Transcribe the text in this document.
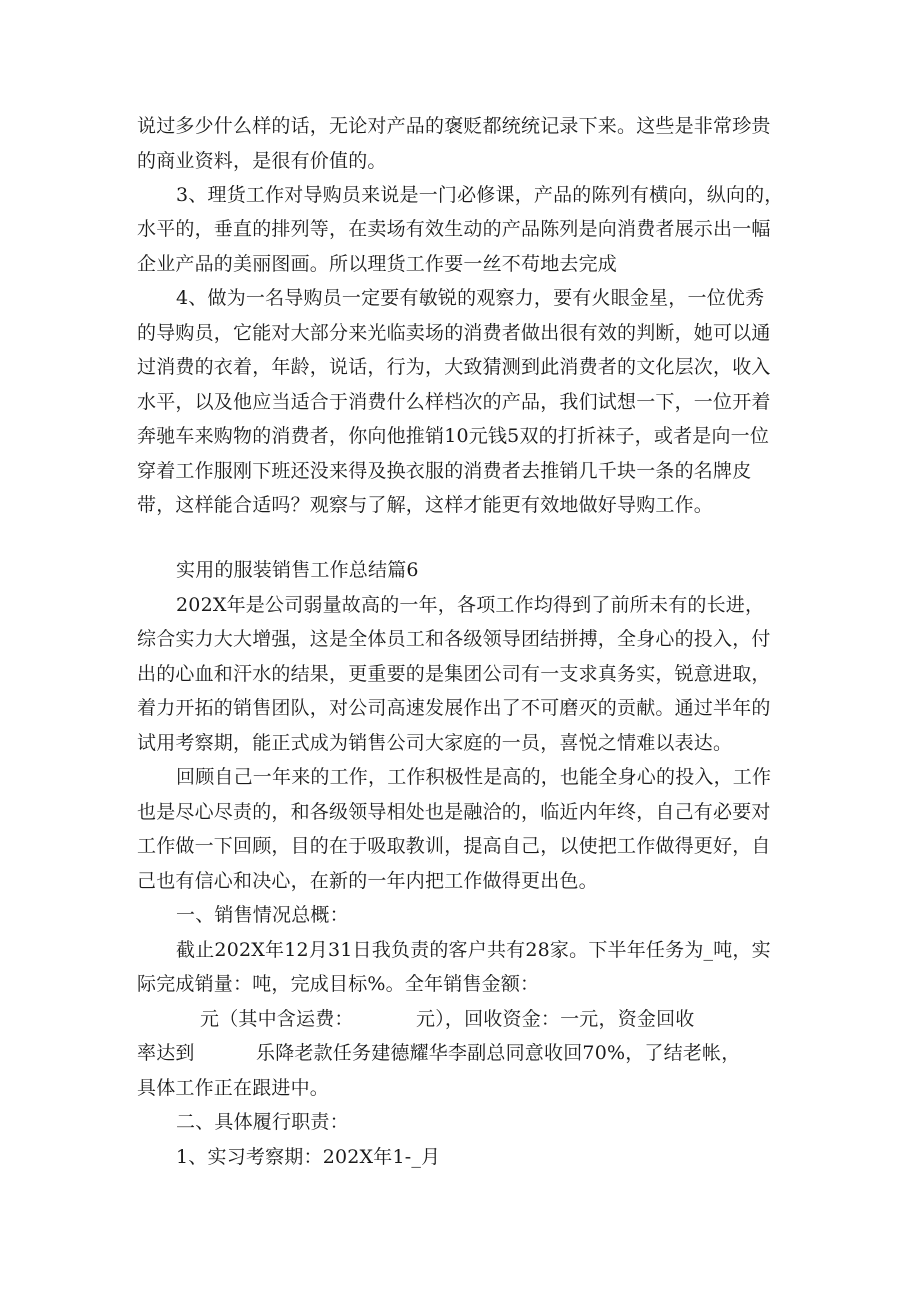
说过多少什么样的话，无论对产品的褒贬都统统记录下来。这些是非常珍贵
的商业资料，是很有价值的。
3、理货工作对导购员来说是一门必修课，产品的陈列有横向，纵向的，
水平的，垂直的排列等，在卖场有效生动的产品陈列是向消费者展示出一幅
企业产品的美丽图画。所以理货工作要一丝不苟地去完成
4、做为一名导购员一定要有敏锐的观察力，要有火眼金星，一位优秀
的导购员，它能对大部分来光临卖场的消费者做出很有效的判断，她可以通
过消费的衣着，年龄，说话，行为，大致猜测到此消费者的文化层次，收入
水平，以及他应当适合于消费什么样档次的产品，我们试想一下，一位开着
奔驰车来购物的消费者，你向他推销10元钱5双的打折袜子，或者是向一位
穿着工作服刚下班还没来得及换衣服的消费者去推销几千块一条的名牌皮
带，这样能合适吗？观察与了解，这样才能更有效地做好导购工作。
实用的服装销售工作总结篇6
202X年是公司弱量故高的一年，各项工作均得到了前所未有的长进，
综合实力大大增强，这是全体员工和各级领导团结拼搏，全身心的投入，付
出的心血和汗水的结果，更重要的是集团公司有一支求真务实，锐意进取，
着力开拓的销售团队，对公司高速发展作出了不可磨灭的贡献。通过半年的
试用考察期，能正式成为销售公司大家庭的一员，喜悦之情难以表达。
回顾自己一年来的工作，工作积极性是高的，也能全身心的投入，工作
也是尽心尽责的，和各级领导相处也是融洽的，临近内年终，自己有必要对
工作做一下回顾，目的在于吸取教训，提高自己，以使把工作做得更好，自
己也有信心和决心，在新的一年内把工作做得更出色。
一、销售情况总概：
截止202X年12月31日我负责的客户共有28家。下半年任务为_吨，实
际完成销量：吨，完成目标%。全年销售金额：
元（其中含运费：	元），回收资金：一元，资金回收
率达到	乐降老款任务建德耀华李副总同意收回70%，了结老帐，
具体工作正在跟进中。
二、具体履行职责：
1、实习考察期：202X年1-_月
